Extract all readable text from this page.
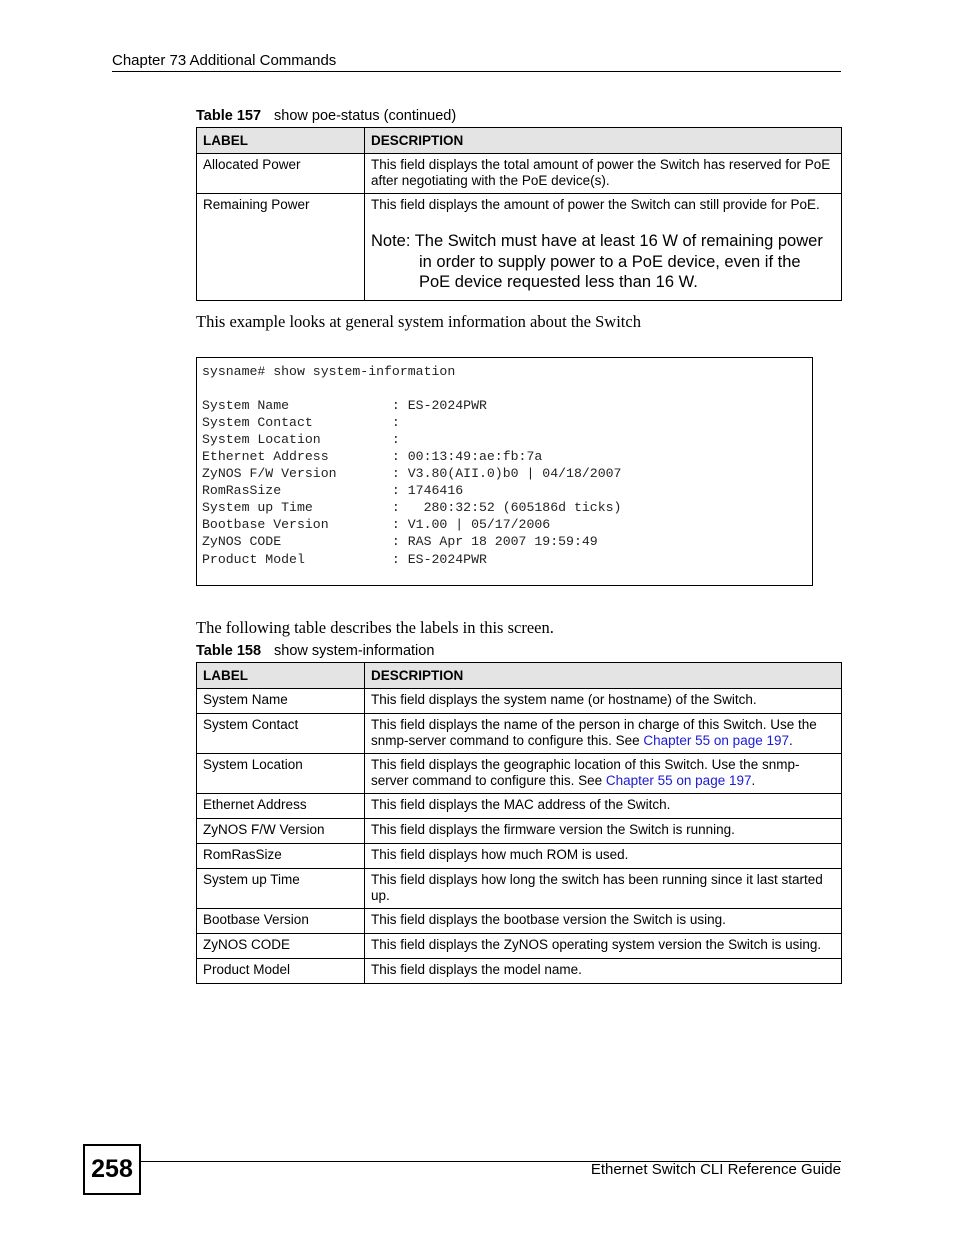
Chapter 73 Additional Commands
Table 157 show poe-status (continued)
LABEL	DESCRIPTION
Allocated Power	This field displays the total amount of power the Switch has reserved for PoE after negotiating with the PoE device(s).
Remaining Power	This field displays the amount of power the Switch can still provide for PoE.
Note: The Switch must have at least 16 W of remaining power in order to supply power to a PoE device, even if the PoE device requested less than 16 W.
This example looks at general system information about the Switch
sysname# show system-information

System Name             : ES-2024PWR
System Contact          :
System Location         :
Ethernet Address        : 00:13:49:ae:fb:7a
ZyNOS F/W Version       : V3.80(AII.0)b0 | 04/18/2007
RomRasSize              : 1746416
System up Time          :   280:32:52 (605186d ticks)
Bootbase Version        : V1.00 | 05/17/2006
ZyNOS CODE              : RAS Apr 18 2007 19:59:49
Product Model           : ES-2024PWR
The following table describes the labels in this screen.
Table 158 show system-information
LABEL	DESCRIPTION
System Name	This field displays the system name (or hostname) of the Switch.
System Contact	This field displays the name of the person in charge of this Switch. Use the snmp-server command to configure this. See Chapter 55 on page 197.
System Location	This field displays the geographic location of this Switch. Use the snmp-server command to configure this. See Chapter 55 on page 197.
Ethernet Address	This field displays the MAC address of the Switch.
ZyNOS F/W Version	This field displays the firmware version the Switch is running.
RomRasSize	This field displays how much ROM is used.
System up Time	This field displays how long the switch has been running since it last started up.
Bootbase Version	This field displays the bootbase version the Switch is using.
ZyNOS CODE	This field displays the ZyNOS operating system version the Switch is using.
Product Model	This field displays the model name.
258	Ethernet Switch CLI Reference Guide
